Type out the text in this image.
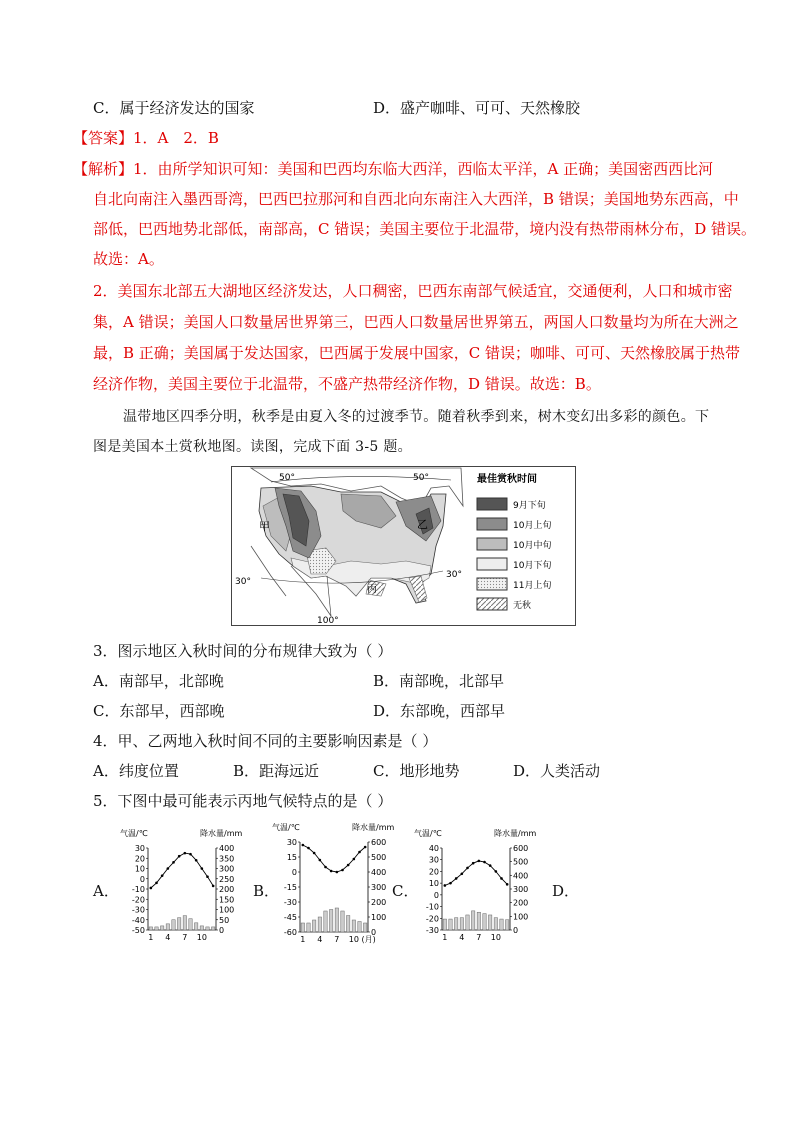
C．属于经济发达的国家	D．盛产咖啡、可可、天然橡胶
【答案】1．A　2．B
【解析】1．由所学知识可知：美国和巴西均东临大西洋，西临太平洋，A 正确；美国密西西比河
自北向南注入墨西哥湾，巴西巴拉那河和自西北向东南注入大西洋，B 错误；美国地势东西高，中
部低，巴西地势北部低，南部高，C 错误；美国主要位于北温带，境内没有热带雨林分布，D 错误。
故选：A。
2．美国东北部五大湖地区经济发达，人口稠密，巴西东南部气候适宜，交通便利，人口和城市密
集，A 错误；美国人口数量居世界第三，巴西人口数量居世界第五，两国人口数量均为所在大洲之
最，B 正确；美国属于发达国家，巴西属于发展中国家，C 错误；咖啡、可可、天然橡胶属于热带
经济作物，美国主要位于北温带，不盛产热带经济作物，D 错误。故选：B。
温带地区四季分明，秋季是由夏入冬的过渡季节。随着秋季到来，树木变幻出多彩的颜色。下
图是美国本土赏秋地图。读图，完成下面 3-5 题。
50°	50°
30°
30°
100°
甲	乙
丙
最佳赏秋时间
9月下旬
10月上旬
10月中旬
10月下旬
11月上旬
无秋
3．图示地区入秋时间的分布规律大致为（ ）
A．南部早，北部晚	B．南部晚，北部早
C．东部早，西部晚	D．东部晚，西部早
4．甲、乙两地入秋时间不同的主要影响因素是（ ）
A．纬度位置	B．距海远近	C．地形地势	D．人类活动
5．下图中最可能表示丙地气候特点的是（ ）
A．	B．	C．	D．
气温/℃	降水量/mm
30
20
10
0
-10
-20
-30
-40
-50
400
350
300
250
200
150
100
50
0
1 4 7 10
气温/℃	降水量/mm
30
15
0
-15
-30
-45
-60
600
500
400
300
200
100
0
1 4 7 10 (月)
气温/℃	降水量/mm
40
30
20
10
0
-10
-20
-30
600
500
400
300
200
100
0
1 4 7 10
